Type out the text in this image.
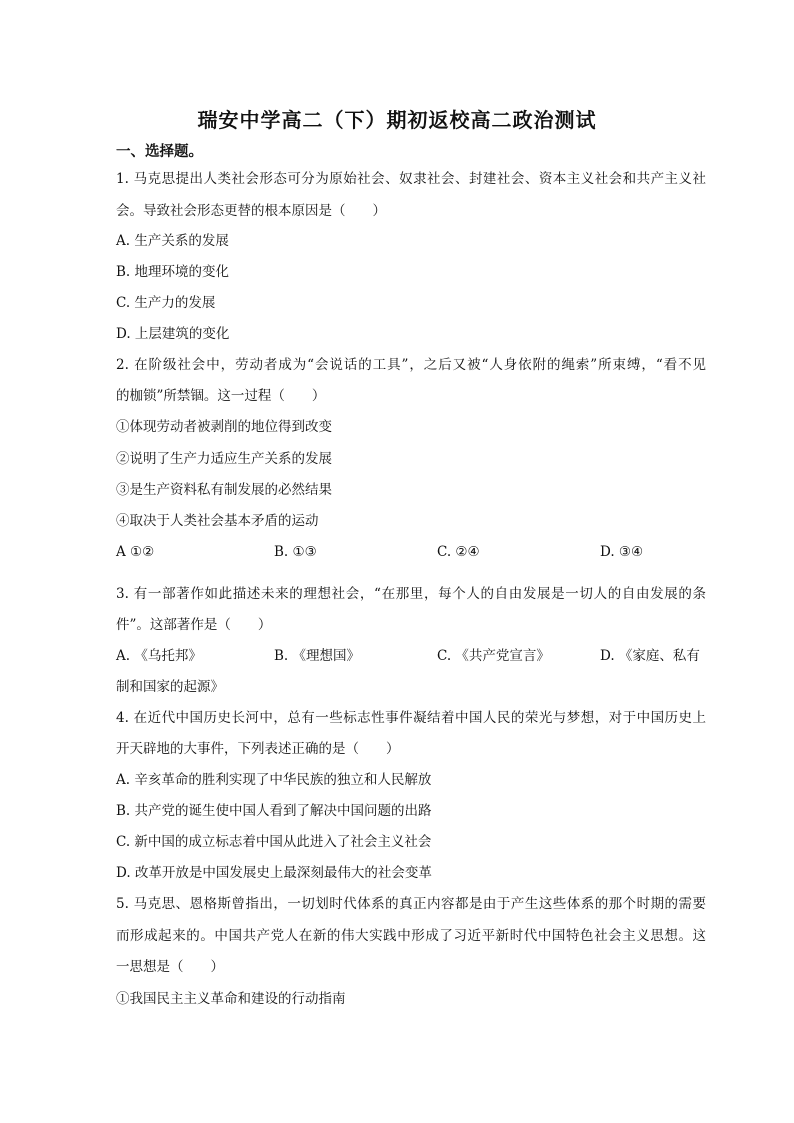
瑞安中学高二（下）期初返校高二政治测试
一、选择题。
1. 马克思提出人类社会形态可分为原始社会、奴隶社会、封建社会、资本主义社会和共产主义社
会。导致社会形态更替的根本原因是（　　）
A. 生产关系的发展
B. 地理环境的变化
C. 生产力的发展
D. 上层建筑的变化
2. 在阶级社会中，劳动者成为“会说话的工具”，之后又被“人身依附的绳索”所束缚，“看不见
的枷锁”所禁锢。这一过程（　　）
①体现劳动者被剥削的地位得到改变
②说明了生产力适应生产关系的发展
③是生产资料私有制发展的必然结果
④取决于人类社会基本矛盾的运动
A ①②	B. ①③	C. ②④	D. ③④
3. 有一部著作如此描述未来的理想社会，“在那里，每个人的自由发展是一切人的自由发展的条
件”。这部著作是（　　）
A. 《乌托邦》	B. 《理想国》	C. 《共产党宣言》	D. 《家庭、私有
制和国家的起源》
4. 在近代中国历史长河中，总有一些标志性事件凝结着中国人民的荣光与梦想，对于中国历史上
开天辟地的大事件，下列表述正确的是（　　）
A. 辛亥革命的胜利实现了中华民族的独立和人民解放
B. 共产党的诞生使中国人看到了解决中国问题的出路
C. 新中国的成立标志着中国从此进入了社会主义社会
D. 改革开放是中国发展史上最深刻最伟大的社会变革
5. 马克思、恩格斯曾指出，一切划时代体系的真正内容都是由于产生这些体系的那个时期的需要
而形成起来的。中国共产党人在新的伟大实践中形成了习近平新时代中国特色社会主义思想。这
一思想是（　　）
①我国民主主义革命和建设的行动指南
